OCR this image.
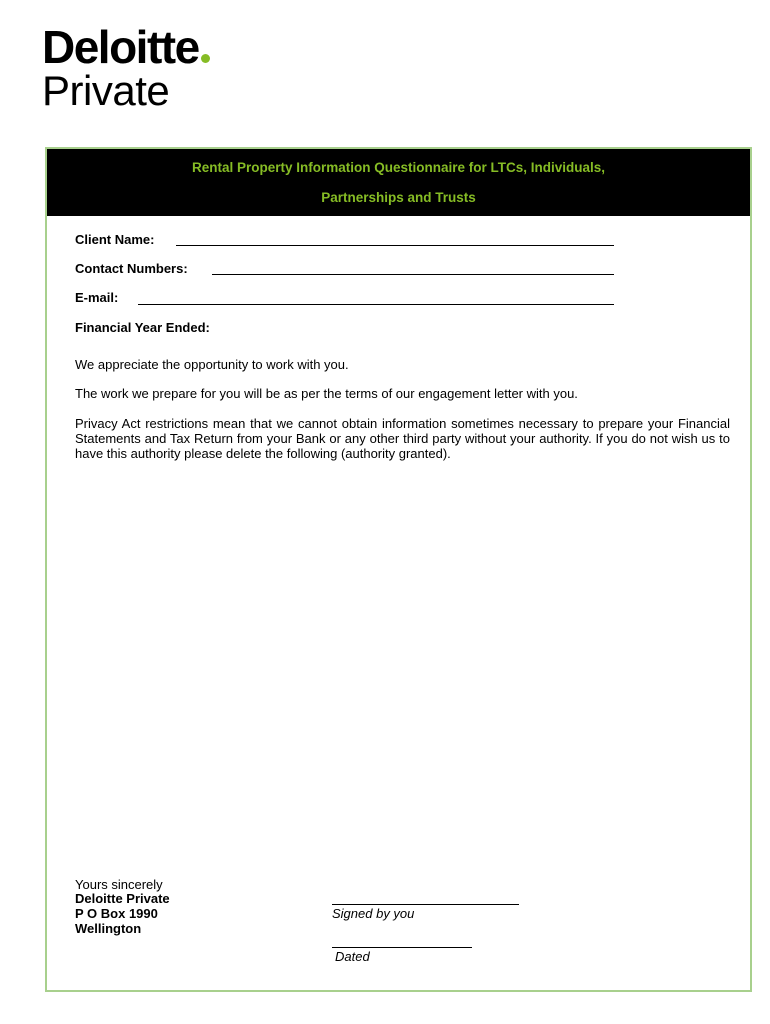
Deloitte
Private
Rental Property Information Questionnaire for LTCs, Individuals,
Partnerships and Trusts
Client Name:
Contact Numbers:
E-mail:
Financial Year Ended:
We appreciate the opportunity to work with you.
The work we prepare for you will be as per the terms of our engagement letter with you.
Privacy Act restrictions mean that we cannot obtain information sometimes necessary to prepare your Financial Statements and Tax Return from your Bank or any other third party without your authority. If you do not wish us to have this authority please delete the following (authority granted).
Yours sincerely
Deloitte Private
P O Box 1990
Wellington
Signed by you
Dated
